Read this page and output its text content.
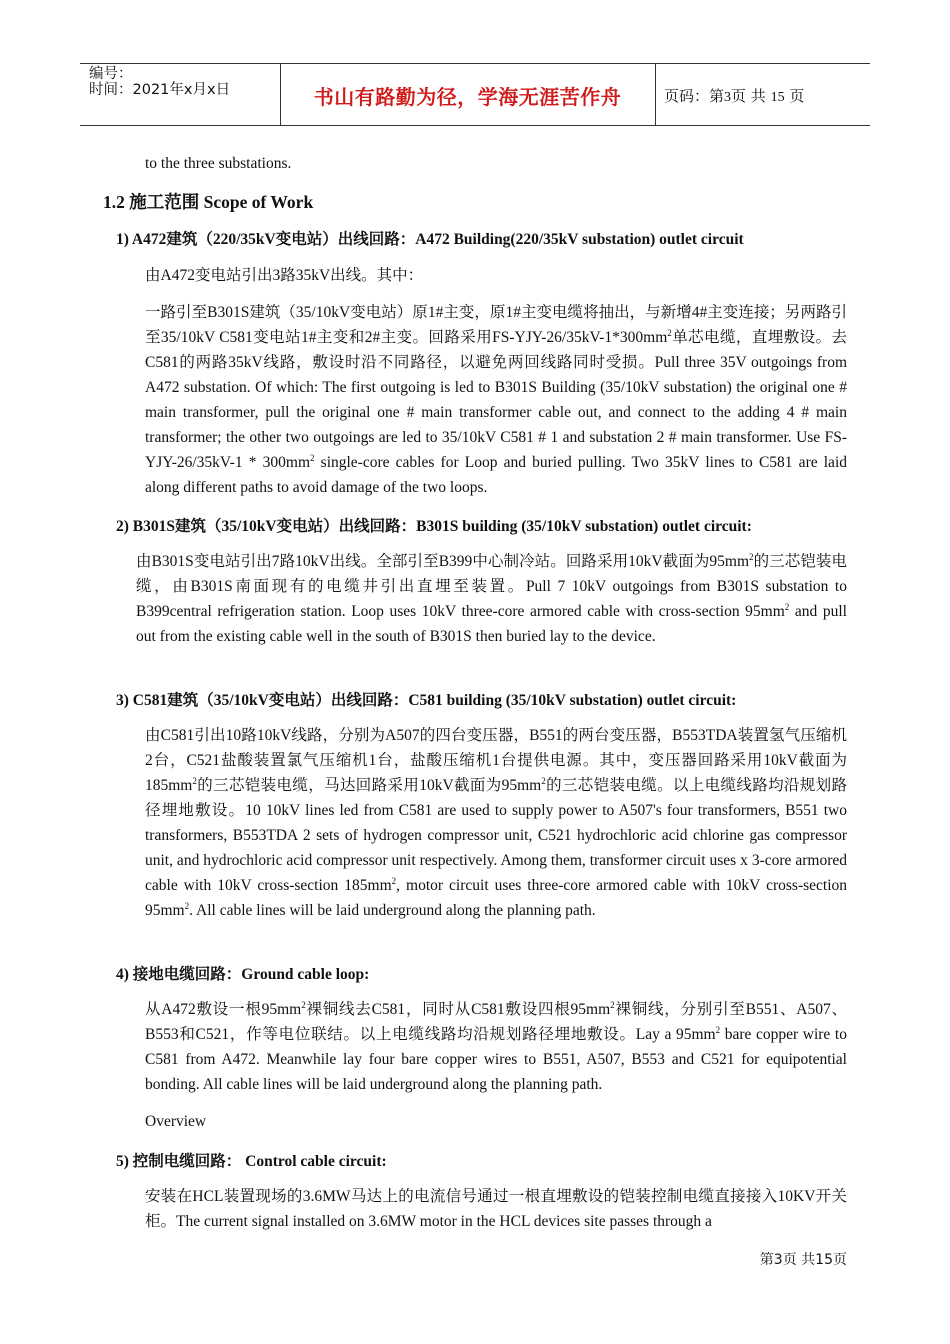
编号：
时间：2021年x月x日	书山有路勤为径，学海无涯苦作舟	页码：第3页 共 15 页

to the three substations.

1.2 施工范围 Scope of Work

1) A472建筑（220/35kV变电站）出线回路：A472 Building(220/35kV substation) outlet circuit

由A472变电站引出3路35kV出线。其中：

一路引至B301S建筑（35/10kV变电站）原1#主变，原1#主变电缆将抽出，与新增4#主变连接；另两路引至35/10kV C581变电站1#主变和2#主变。回路采用$FS-YJY-26/35kV-1*300mm^2$单芯电缆，直埋敷设。去C581的两路35kV线路，敷设时沿不同路径，以避免两回线路同时受损。Pull three 35V outgoings from A472 substation. Of which: The first outgoing is led to B301S Building (35/10kV substation) the original one # main transformer, pull the original one # main transformer cable out, and connect to the adding 4 # main transformer; the other two outgoings are led to 35/10kV C581 # 1 and substation 2 # main transformer. Use $FS-YJY-26/35kV-1 * 300mm^2$ single-core cables for Loop and buried pulling. Two 35kV lines to C581 are laid along different paths to avoid damage of the two loops.

2) B301S建筑（35/10kV变电站）出线回路：B301S building (35/10kV substation) outlet circuit:

由B301S变电站引出7路10kV出线。全部引至B399中心制冷站。回路采用10kV截面为$95mm^2$的三芯铠装电缆，由B301S南面现有的电缆井引出直埋至装置。Pull 7 10kV outgoings from B301S substation to B399central refrigeration station. Loop uses 10kV three-core armored cable with cross-section $95mm^2$ and pull out from the existing cable well in the south of B301S then buried lay to the device.

3) C581建筑（35/10kV变电站）出线回路：C581 building (35/10kV substation) outlet circuit:

由C581引出10路10kV线路，分别为A507的四台变压器，B551的两台变压器，B553TDA装置氢气压缩机2台，C521盐酸装置氯气压缩机1台，盐酸压缩机1台提供电源。其中，变压器回路采用10kV截面为$185mm^2$的三芯铠装电缆，马达回路采用10kV截面为$95mm^2$的三芯铠装电缆。以上电缆线路均沿规划路径埋地敷设。10 10kV lines led from C581 are used to supply power to A507's four transformers, B551 two transformers, B553TDA 2 sets of hydrogen compressor unit, C521 hydrochloric acid chlorine gas compressor unit, and hydrochloric acid compressor unit respectively. Among them, transformer circuit uses x 3-core armored cable with 10kV cross-section $185mm^2$, motor circuit uses three-core armored cable with 10kV cross-section $95mm^2$. All cable lines will be laid underground along the planning path.

4) 接地电缆回路：Ground cable loop:

从A472敷设一根$95mm^2$裸铜线去C581，同时从C581敷设四根$95mm^2$裸铜线，分别引至B551、A507、B553和C521，作等电位联结。以上电缆线路均沿规划路径埋地敷设。Lay a $95mm^2$ bare copper wire to C581 from A472. Meanwhile lay four bare copper wires to B551, A507, B553 and C521 for equipotential bonding. All cable lines will be laid underground along the planning path.

Overview

5) 控制电缆回路： Control cable circuit:

安装在HCL装置现场的3.6MW马达上的电流信号通过一根直埋敷设的铠装控制电缆直接接入10KV开关柜。The current signal installed on 3.6MW motor in the HCL devices site passes through a

第3页 共15页
